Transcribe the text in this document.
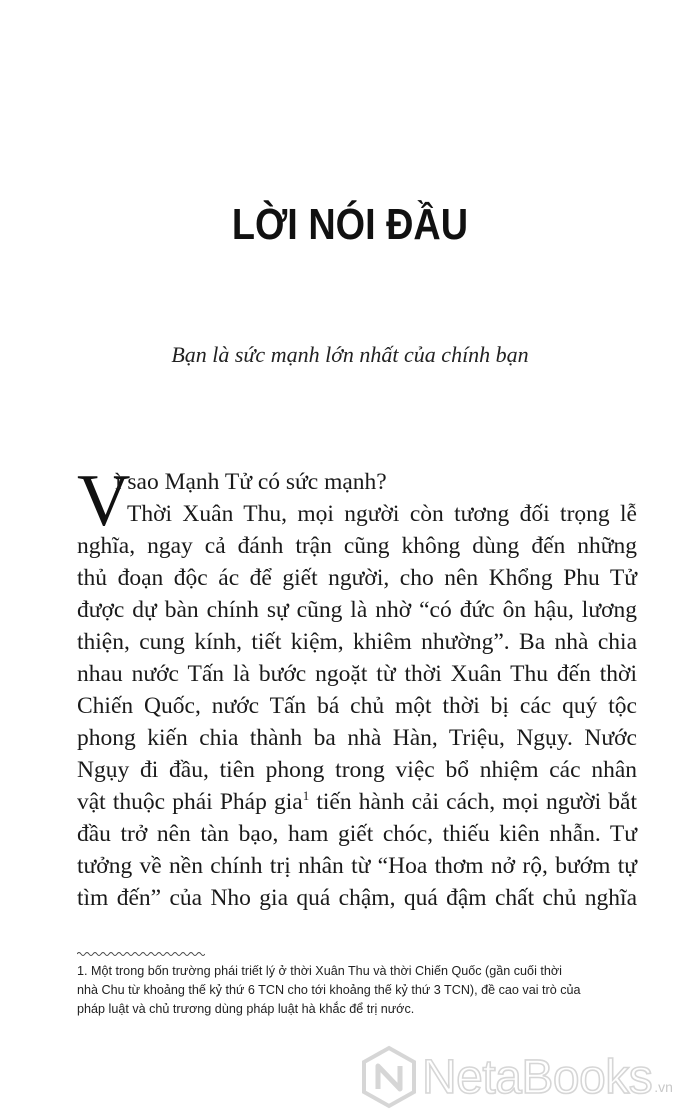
LỜI NÓI ĐẦU

Bạn là sức mạnh lớn nhất của chính bạn

V
ì sao Mạnh Tử có sức mạnh?
Thời Xuân Thu, mọi người còn tương đối trọng lễ
nghĩa, ngay cả đánh trận cũng không dùng đến những
thủ đoạn độc ác để giết người, cho nên Khổng Phu Tử
được dự bàn chính sự cũng là nhờ “có đức ôn hậu, lương
thiện, cung kính, tiết kiệm, khiêm nhường”. Ba nhà chia
nhau nước Tấn là bước ngoặt từ thời Xuân Thu đến thời
Chiến Quốc, nước Tấn bá chủ một thời bị các quý tộc
phong kiến chia thành ba nhà Hàn, Triệu, Ngụy. Nước
Ngụy đi đầu, tiên phong trong việc bổ nhiệm các nhân
vật thuộc phái Pháp gia$^1$ tiến hành cải cách, mọi người bắt
đầu trở nên tàn bạo, ham giết chóc, thiếu kiên nhẫn. Tư
tưởng về nền chính trị nhân từ “Hoa thơm nở rộ, bướm tự
tìm đến” của Nho gia quá chậm, quá đậm chất chủ nghĩa
1. Một trong bốn trường phái triết lý ở thời Xuân Thu và thời Chiến Quốc (gần cuối thời
nhà Chu từ khoảng thế kỷ thứ 6 TCN cho tới khoảng thế kỷ thứ 3 TCN), đề cao vai trò của
pháp luật và chủ trương dùng pháp luật hà khắc để trị nước.
NetaBooks .vn
